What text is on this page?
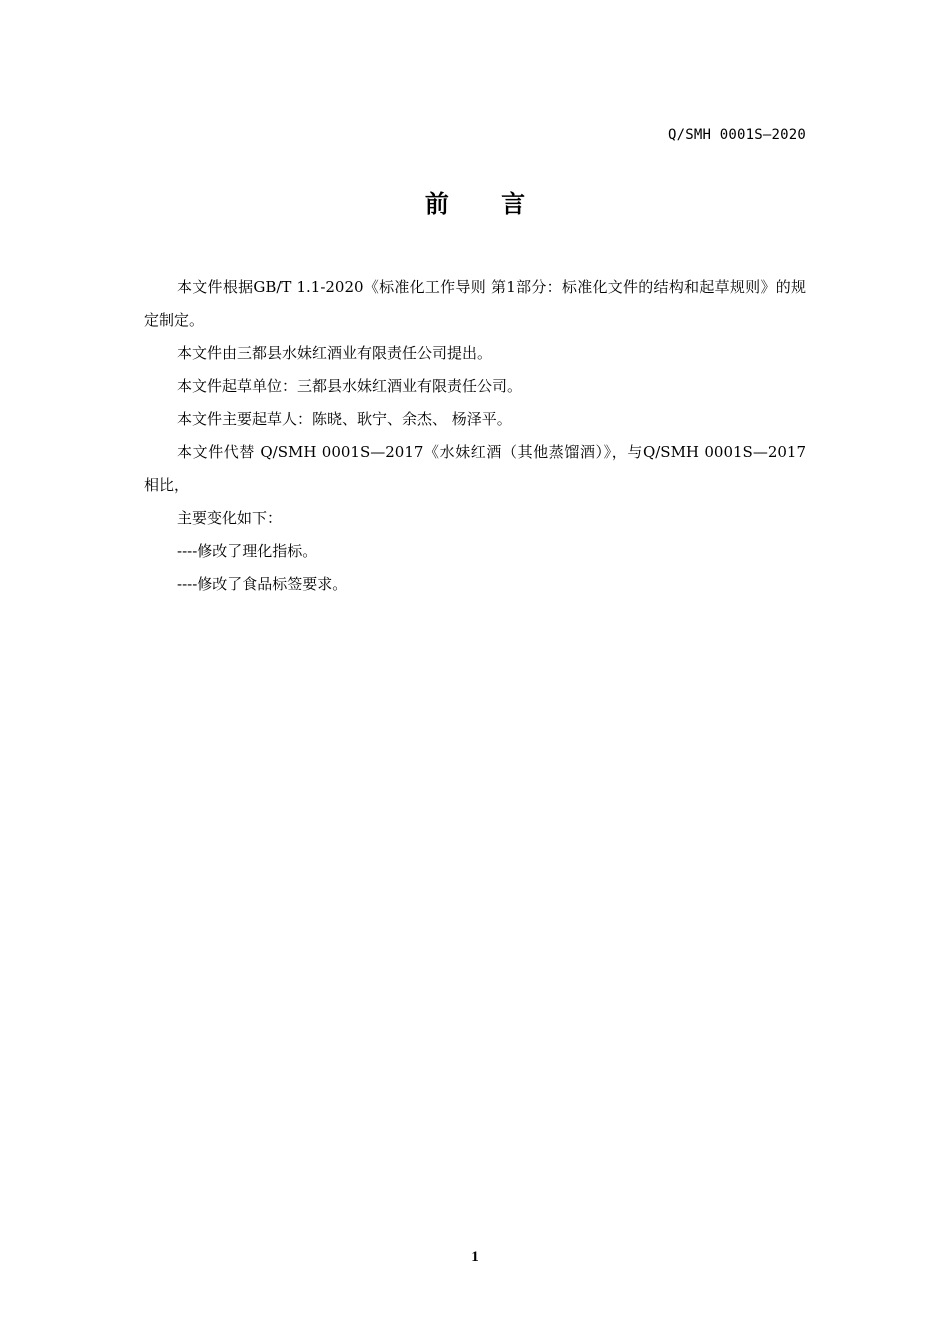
Q/SMH 0001S—2020
前 言

本文件根据GB/T 1.1-2020《标准化工作导则 第1部分：标准化文件的结构和起草规则》的规定制定。

本文件由三都县水妹红酒业有限责任公司提出。

本文件起草单位：三都县水妹红酒业有限责任公司。

本文件主要起草人：陈晓、耿宁、余杰、 杨泽平。

本文件代替 Q/SMH 0001S—2017《水妹红酒（其他蒸馏酒）》，与Q/SMH 0001S—2017 相比，

主要变化如下：

----修改了理化指标。

----修改了食品标签要求。

1
